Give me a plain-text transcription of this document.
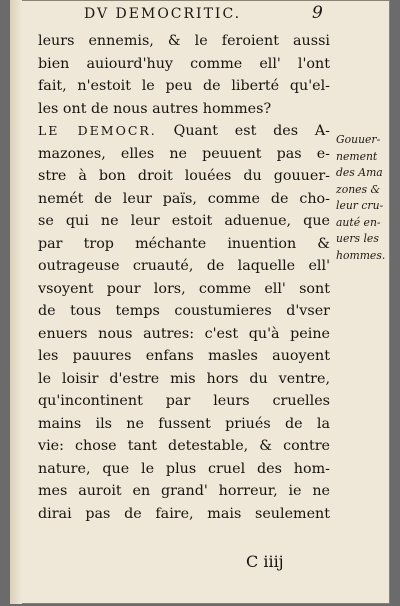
DV DEMOCRITIC.	9
leurs ennemis, & le feroient aussi
bien auiourd'huy comme ell' l'ont
fait, n'estoit le peu de liberté qu'el-
les ont de nous autres hommes?
LE DEMOCR. Quant est des A-
mazones, elles ne peuuent pas e-
stre à bon droit louées du gouuer-
nemét de leur païs, comme de cho-
se qui ne leur estoit aduenue, que
par trop méchante inuention &
outrageuse cruauté, de laquelle ell'
vsoyent pour lors, comme ell' sont
de tous temps coustumieres d'vser
enuers nous autres: c'est qu'à peine
les pauures enfans masles auoyent
le loisir d'estre mis hors du ventre,
qu'incontinent par leurs cruelles
mains ils ne fussent priués de la
vie: chose tant detestable, & contre
nature, que le plus cruel des hom-
mes auroit en grand' horreur, ie ne
dirai pas de faire, mais seulement
Gouuer-
nement
des Ama
zones &
leur cru-
auté en-
uers les
hommes.
C iiij
